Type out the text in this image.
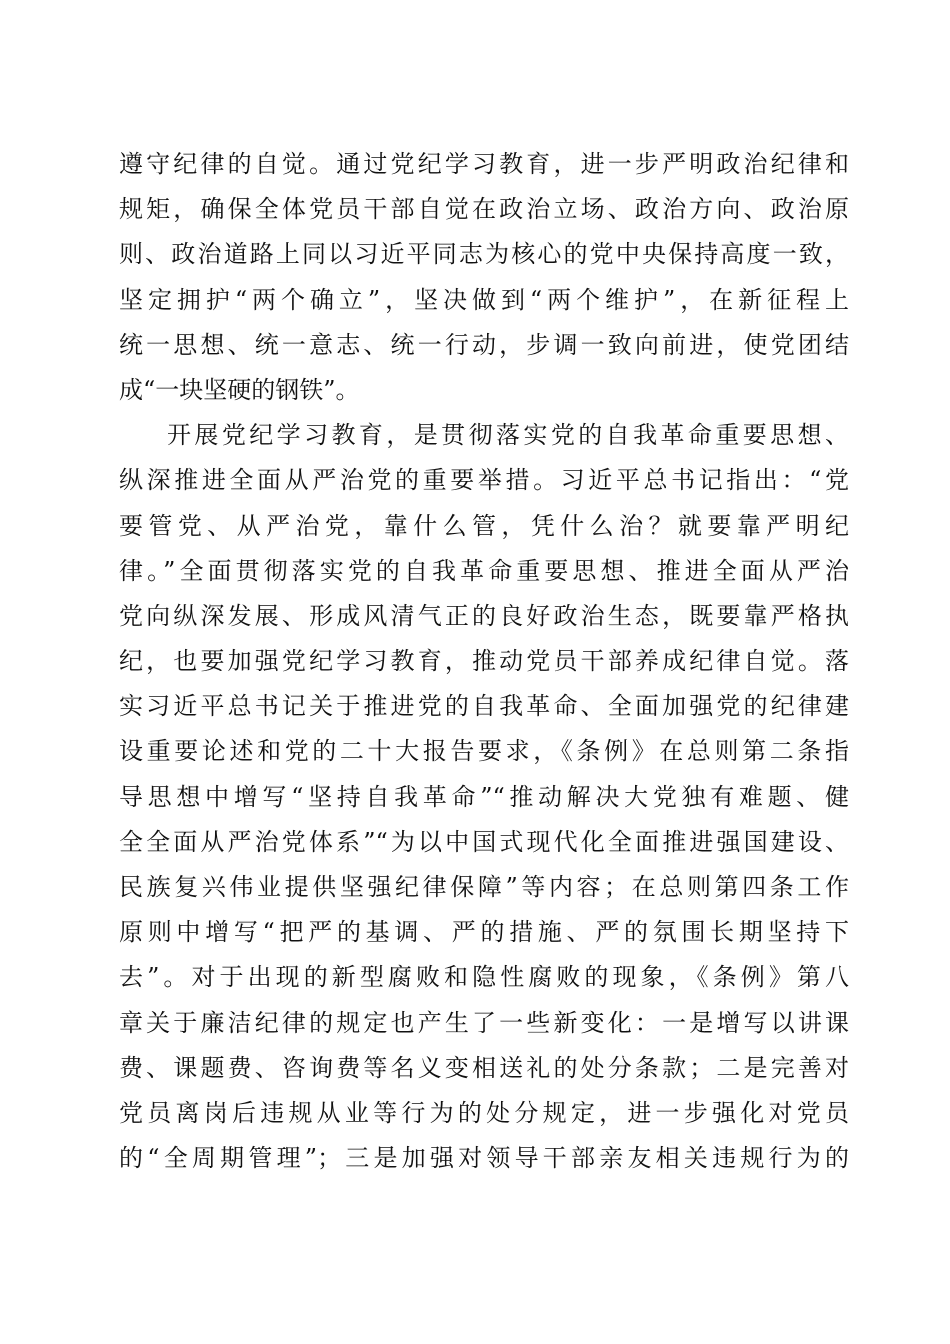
遵守纪律的自觉。通过党纪学习教育，进一步严明政治纪律和
规矩，确保全体党员干部自觉在政治立场、政治方向、政治原
则、政治道路上同以习近平同志为核心的党中央保持高度一致，
坚定拥护“两个确立”，坚决做到“两个维护”，在新征程上
统一思想、统一意志、统一行动，步调一致向前进，使党团结
成“一块坚硬的钢铁”。
开展党纪学习教育，是贯彻落实党的自我革命重要思想、
纵深推进全面从严治党的重要举措。习近平总书记指出：“党
要管党、从严治党，靠什么管，凭什么治？就要靠严明纪
律。”全面贯彻落实党的自我革命重要思想、推进全面从严治
党向纵深发展、形成风清气正的良好政治生态，既要靠严格执
纪，也要加强党纪学习教育，推动党员干部养成纪律自觉。落
实习近平总书记关于推进党的自我革命、全面加强党的纪律建
设重要论述和党的二十大报告要求，《条例》在总则第二条指
导思想中增写“坚持自我革命”“推动解决大党独有难题、健
全全面从严治党体系”“为以中国式现代化全面推进强国建设、
民族复兴伟业提供坚强纪律保障”等内容；在总则第四条工作
原则中增写“把严的基调、严的措施、严的氛围长期坚持下
去”。对于出现的新型腐败和隐性腐败的现象，《条例》第八
章关于廉洁纪律的规定也产生了一些新变化：一是增写以讲课
费、课题费、咨询费等名义变相送礼的处分条款；二是完善对
党员离岗后违规从业等行为的处分规定，进一步强化对党员
的“全周期管理”；三是加强对领导干部亲友相关违规行为的
